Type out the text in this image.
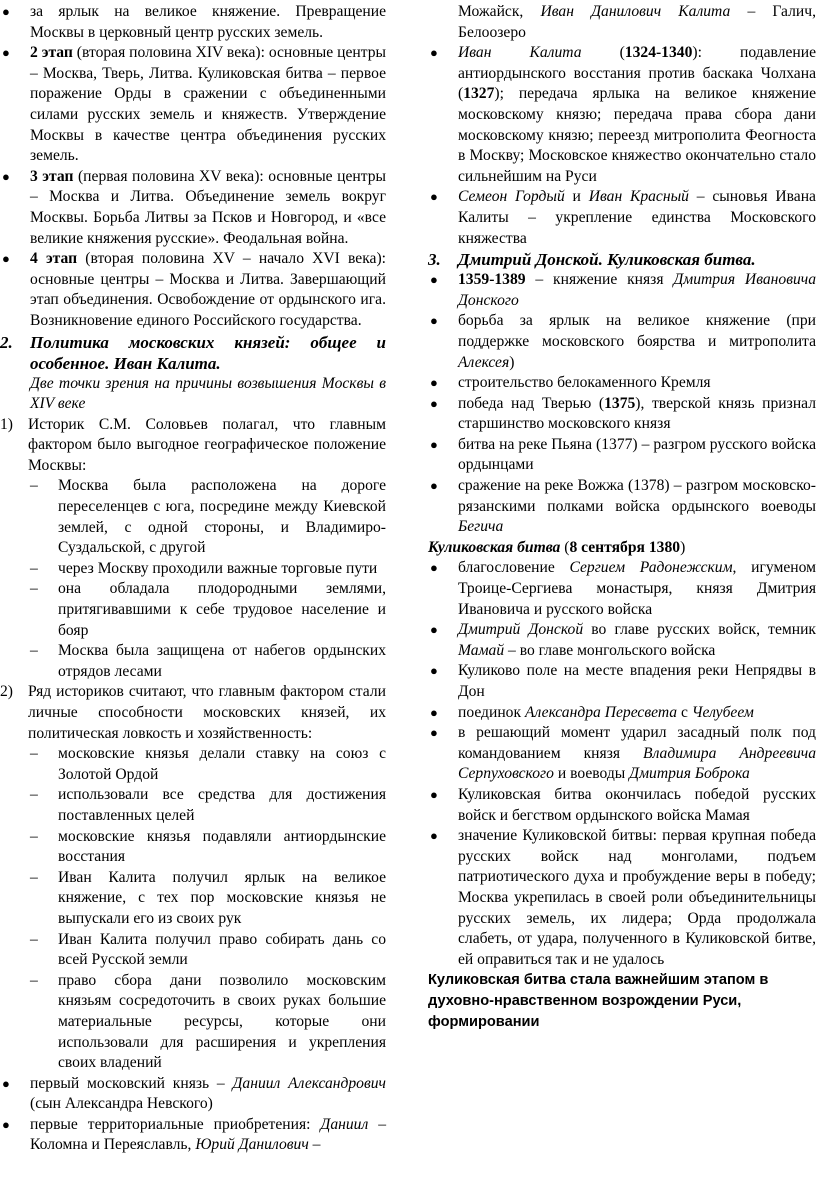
●
за ярлык на великое княжение. Превращение Москвы в церковный центр русских земель.

●
2 этап (вторая половина XIV века): основные центры – Москва, Тверь, Литва. Куликовская битва – первое поражение Орды в сражении с объединенными силами русских земель и княжеств. Утверждение Москвы в качестве центра объединения русских земель.

●
3 этап (первая половина XV века): основные центры – Москва и Литва. Объединение земель вокруг Москвы. Борьба Литвы за Псков и Новгород, и «все великие княжения русские». Феодальная война.

●
4 этап (вторая половина XV – начало XVI века): основные центры – Москва и Литва. Завершающий этап объединения. Освобождение от ордынского ига. Возникновение единого Российского государства.

2. Политика московских князей: общее и особенное. Иван Калита.

Две точки зрения на причины возвышения Москвы в XIV веке

1) Историк С.М. Соловьев полагал, что главным фактором было выгодное географическое положение Москвы:

– Москва была расположена на дороге переселенцев с юга, посредине между Киевской землей, с одной стороны, и Владимиро-Суздальской, с другой

– через Москву проходили важные торговые пути

– она обладала плодородными землями, притягивавшими к себе трудовое население и бояр

– Москва была защищена от набегов ордынских отрядов лесами

2) Ряд историков считают, что главным фактором стали личные способности московских князей, их политическая ловкость и хозяйственность:

– московские князья делали ставку на союз с Золотой Ордой

– использовали все средства для достижения поставленных целей

– московские князья подавляли антиордынские восстания

– Иван Калита получил ярлык на великое княжение, с тех пор московские князья не выпускали его из своих рук

– Иван Калита получил право собирать дань со всей Русской земли

– право сбора дани позволило московским князьям сосредоточить в своих руках большие материальные ресурсы, которые они использовали для расширения и укрепления своих владений

●
первый московский князь – Даниил Александрович (сын Александра Невского)

●
первые территориальные приобретения: Даниил – Коломна и Переяславль, Юрий Данилович –

Можайск, Иван Данилович Калита – Галич, Белоозеро

●
Иван Калита (1324-1340): подавление антиордынского восстания против баскака Чолхана (1327); передача ярлыка на великое княжение московскому князю; передача права сбора дани московскому князю; переезд митрополита Феогноста в Москву; Московское княжество окончательно стало сильнейшим на Руси

●
Семеон Гордый и Иван Красный – сыновья Ивана Калиты – укрепление единства Московского княжества

3. Дмитрий Донской. Куликовская битва.

●
1359-1389 – княжение князя Дмитрия Ивановича Донского

●
борьба за ярлык на великое княжение (при поддержке московского боярства и митрополита Алексея)

●
строительство белокаменного Кремля

●
победа над Тверью (1375), тверской князь признал старшинство московского князя

●
битва на реке Пьяна (1377) – разгром русского войска ордынцами

●
сражение на реке Вожжа (1378) – разгром московско-рязанскими полками войска ордынского воеводы Бегича

Куликовская битва (8 сентября 1380)

●
благословение Сергием Радонежским, игуменом Троице-Сергиева монастыря, князя Дмитрия Ивановича и русского войска

●
Дмитрий Донской во главе русских войск, темник Мамай – во главе монгольского войска

●
Куликово поле на месте впадения реки Непрядвы в Дон

●
поединок Александра Пересвета с Челубеем

●
в решающий момент ударил засадный полк под командованием князя Владимира Андреевича Серпуховского и воеводы Дмитрия Боброка

●
Куликовская битва окончилась победой русских войск и бегством ордынского войска Мамая

●
значение Куликовской битвы: первая крупная победа русских войск над монголами, подъем патриотического духа и пробуждение веры в победу; Москва укрепилась в своей роли объединительницы русских земель, их лидера; Орда продолжала слабеть, от удара, полученного в Куликовской битве, ей оправиться так и не удалось

Куликовская битва стала важнейшим этапом в духовно-нравственном возрождении Руси, формировании
